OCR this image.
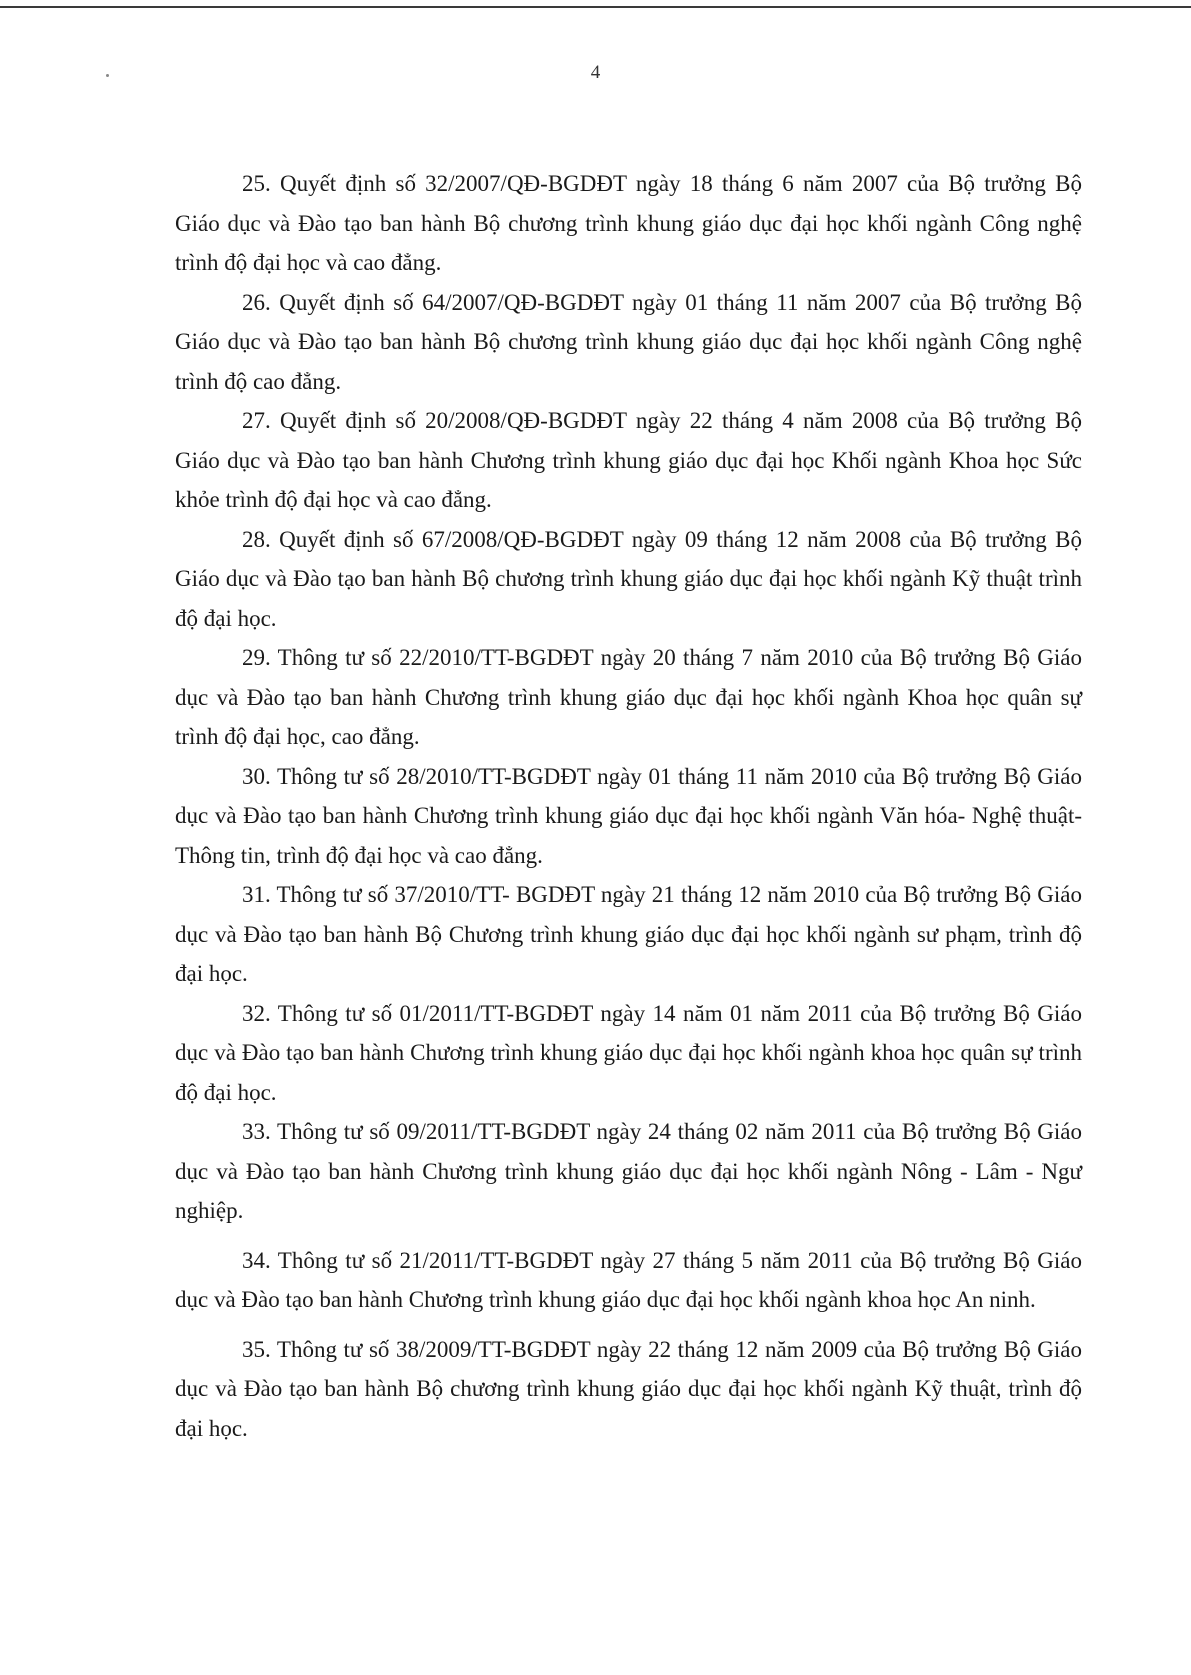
4

25. Quyết định số 32/2007/QĐ-BGDĐT ngày 18 tháng 6 năm 2007 của Bộ trưởng Bộ Giáo dục và Đào tạo ban hành Bộ chương trình khung giáo dục đại học khối ngành Công nghệ trình độ đại học và cao đẳng.

26. Quyết định số 64/2007/QĐ-BGDĐT ngày 01 tháng 11 năm 2007 của Bộ trưởng Bộ Giáo dục và Đào tạo ban hành Bộ chương trình khung giáo dục đại học khối ngành Công nghệ trình độ cao đẳng.

27. Quyết định số 20/2008/QĐ-BGDĐT ngày 22 tháng 4 năm 2008 của Bộ trưởng Bộ Giáo dục và Đào tạo ban hành Chương trình khung giáo dục đại học Khối ngành Khoa học Sức khỏe trình độ đại học và cao đẳng.

28. Quyết định số 67/2008/QĐ-BGDĐT ngày 09 tháng 12 năm 2008 của Bộ trưởng Bộ Giáo dục và Đào tạo ban hành Bộ chương trình khung giáo dục đại học khối ngành Kỹ thuật trình độ đại học.

29. Thông tư số 22/2010/TT-BGDĐT ngày 20 tháng 7 năm 2010 của Bộ trưởng Bộ Giáo dục và Đào tạo ban hành Chương trình khung giáo dục đại học khối ngành Khoa học quân sự trình độ đại học, cao đẳng.

30. Thông tư số 28/2010/TT-BGDĐT ngày 01 tháng 11 năm 2010 của Bộ trưởng Bộ Giáo dục và Đào tạo ban hành Chương trình khung giáo dục đại học khối ngành Văn hóa- Nghệ thuật- Thông tin, trình độ đại học và cao đẳng.

31. Thông tư số 37/2010/TT- BGDĐT ngày 21 tháng 12 năm 2010 của Bộ trưởng Bộ Giáo dục và Đào tạo ban hành Bộ Chương trình khung giáo dục đại học khối ngành sư phạm, trình độ đại học.

32. Thông tư số 01/2011/TT-BGDĐT ngày 14 năm 01 năm 2011 của Bộ trưởng Bộ Giáo dục và Đào tạo ban hành Chương trình khung giáo dục đại học khối ngành khoa học quân sự trình độ đại học.

33. Thông tư số 09/2011/TT-BGDĐT ngày 24 tháng 02 năm 2011 của Bộ trưởng Bộ Giáo dục và Đào tạo ban hành Chương trình khung giáo dục đại học khối ngành Nông - Lâm - Ngư nghiệp.

34. Thông tư số 21/2011/TT-BGDĐT ngày 27 tháng 5 năm 2011 của Bộ trưởng Bộ Giáo dục và Đào tạo ban hành Chương trình khung giáo dục đại học khối ngành khoa học An ninh.

35. Thông tư số 38/2009/TT-BGDĐT ngày 22 tháng 12 năm 2009 của Bộ trưởng Bộ Giáo dục và Đào tạo ban hành Bộ chương trình khung giáo dục đại học khối ngành Kỹ thuật, trình độ đại học.
